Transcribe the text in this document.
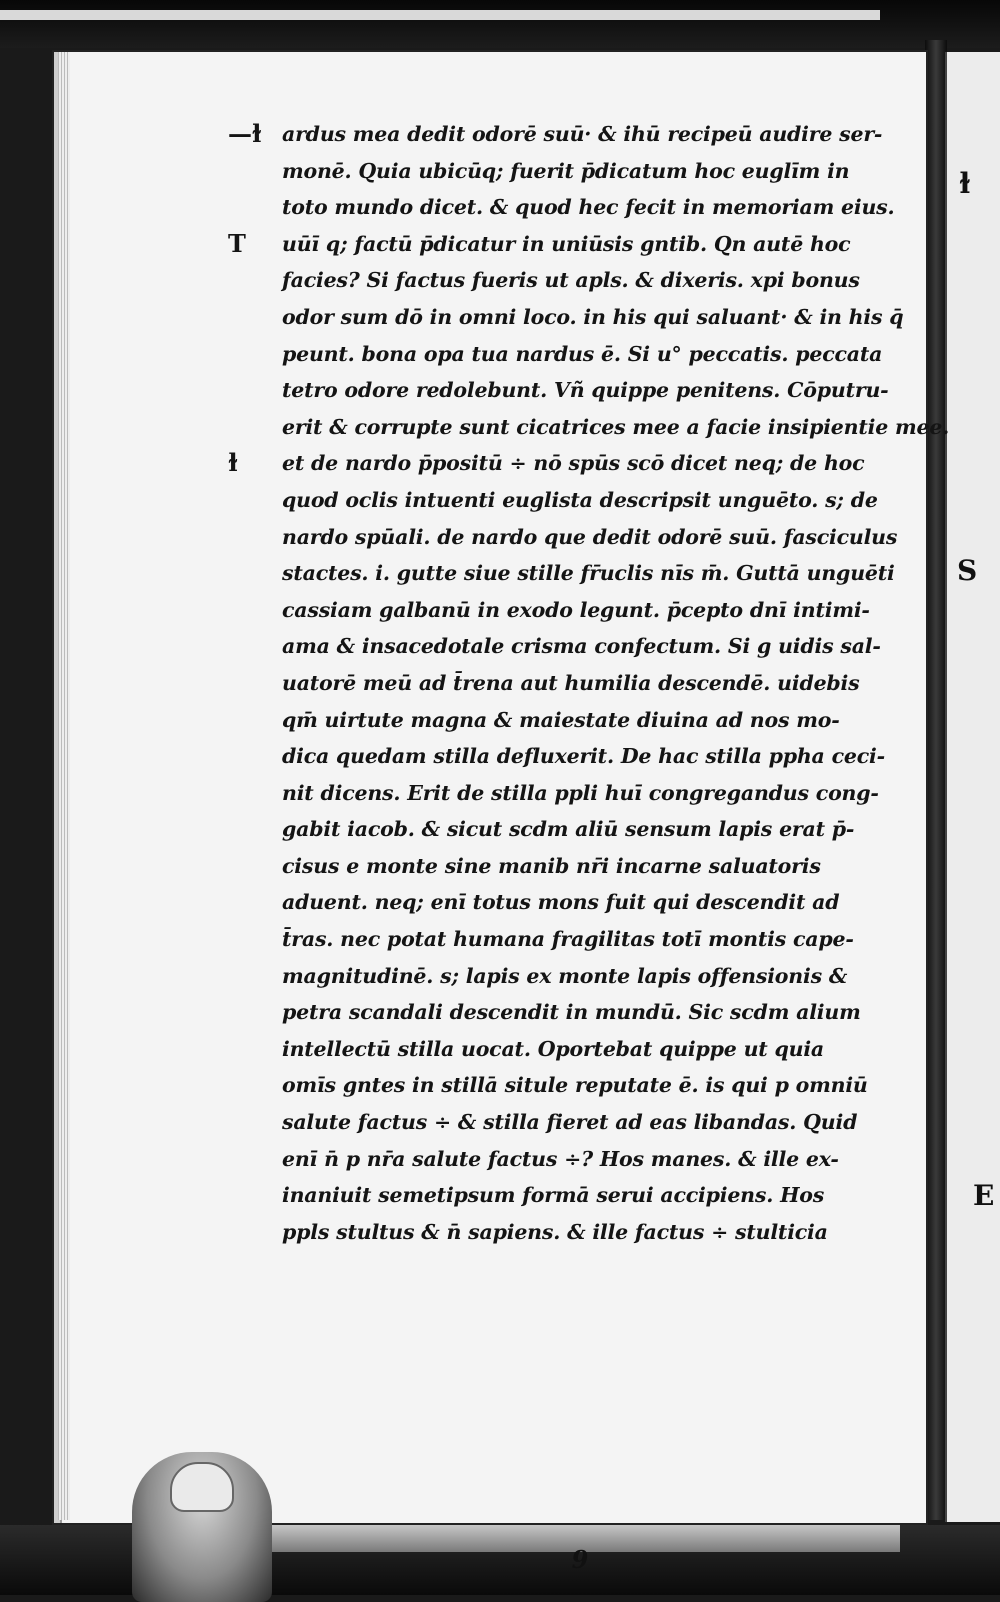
ɫ
S
E
—ɫ ardus mea dedit odorē suū· & ihū recipeū audire ser-
monē. Quia ubicūq; fuerit p̄dicatum hoc euglīm in
toto mundo dicet. & quod hec fecit in memoriam eius.
T	uūī q; factū p̄dicatur in uniūsis gntib. Qn autē hoc
facies? Si factus fueris ut apls. & dixeris. xpi bonus
odor sum dō in omni loco. in his qui saluant· & in his q̄
peunt. bona opa tua nardus ē. Si u° peccatis. peccata
tetro odore redolebunt. Vñ quippe penitens. Cōputru-
erit & corrupte sunt cicatrices mee a facie insipientie mee.
ɫ	et de nardo p̄positū ÷ nō spūs scō dicet neq; de hoc
quod oclis intuenti euglista descripsit unguēto. s; de
nardo spūali. de nardo que dedit odorē suū. fasciculus
stactes. i. gutte siue stille fr̄uclis nīs m̄. Guttā unguēti
cassiam galbanū in exodo legunt. p̄cepto dnī intimi-
ama & insacedotale crisma confectum. Si g uidis sal-
uatorē meū ad t̄rena aut humilia descendē. uidebis
qm̄ uirtute magna & maiestate diuina ad nos mo-
dica quedam stilla defluxerit. De hac stilla ppha ceci-
nit dicens. Erit de stilla ppli huī congregandus cong-
gabit iacob. & sicut scdm aliū sensum lapis erat p̄-
cisus e monte sine manib nr̄i incarne saluatoris
aduent. neq; enī totus mons fuit qui descendit ad
t̄ras. nec potat humana fragilitas totī montis cape-
magnitudinē. s; lapis ex monte lapis offensionis &
petra scandali descendit in mundū. Sic scdm alium
intellectū stilla uocat. Oportebat quippe ut quia
omīs gntes in stillā situle reputate ē. is qui p omniū
salute factus ÷ & stilla fieret ad eas libandas. Quid
enī n̄ p nr̄a salute factus ÷? Hos manes. & ille ex-
inaniuit semetipsum formā serui accipiens. Hos
ppls stultus & n̄ sapiens. & ille factus ÷ stulticia
9
